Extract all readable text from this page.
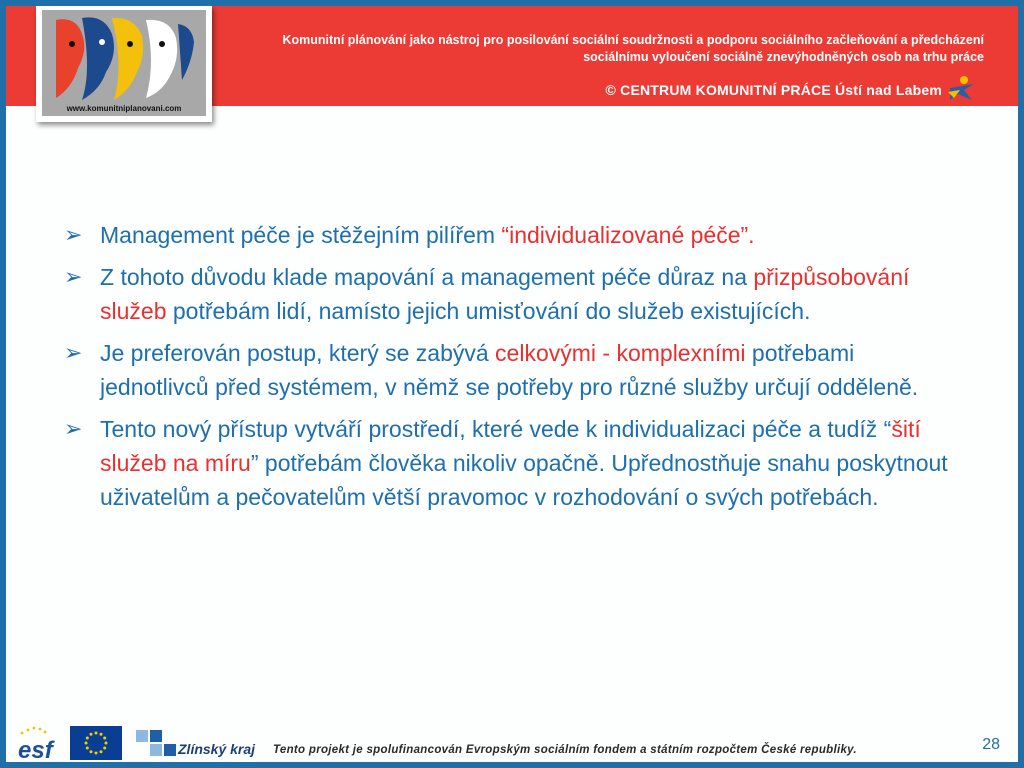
Komunitní plánování jako nástroj pro posilování sociální soudržnosti a podporu sociálního začleňování a předcházení
sociálnímu vyloučení sociálně znevýhodněných osob na trhu práce
© CENTRUM KOMUNITNÍ PRÁCE Ústí nad Labem
www.komunitniplanovani.com
➢ Management péče je stěžejním pilířem “individualizované péče”.
➢ Z tohoto důvodu klade mapování a management péče důraz na přizpůsobování služeb potřebám lidí, namísto jejich umisťování do služeb existujících.
➢ Je preferován postup, který se zabývá celkovými - komplexními potřebami jednotlivců před systémem, v němž se potřeby pro různé služby určují odděleně.
➢ Tento nový přístup vytváří prostředí, které vede k individualizaci péče a tudíž “šití služeb na míru” potřebám člověka nikoliv opačně. Upřednostňuje snahu poskytnout uživatelům a pečovatelům větší pravomoc v rozhodování o svých potřebách.
esf	Zlínský kraj Tento projekt je spolufinancován Evropským sociálním fondem a státním rozpočtem České republiky.	28
